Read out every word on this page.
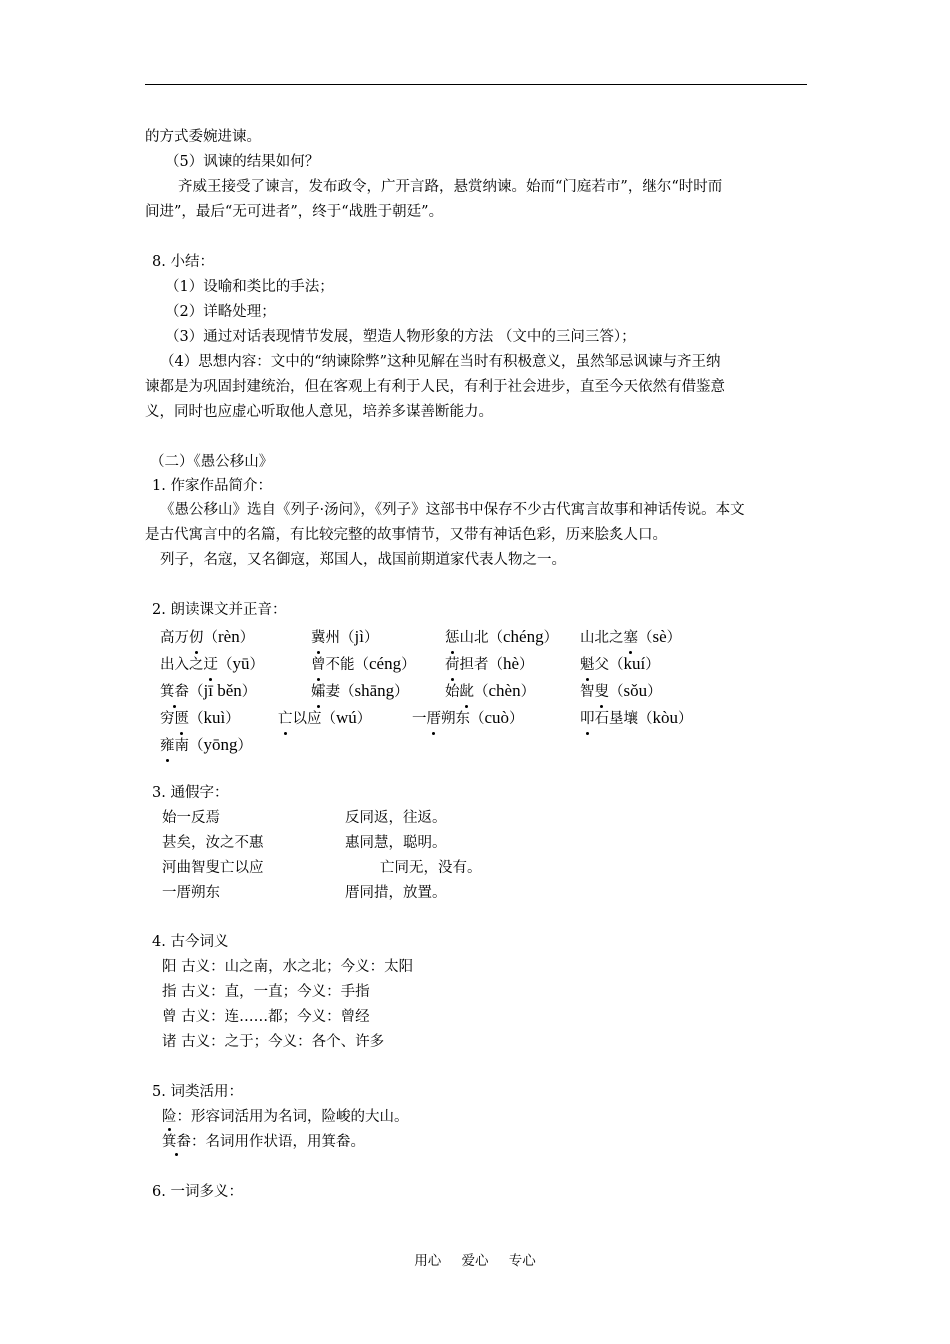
的方式委婉进谏。
（5）讽谏的结果如何？
齐威王接受了谏言，发布政令，广开言路，悬赏纳谏。始而“门庭若市”，继尔“时时而
间进”，最后“无可进者”，终于“战胜于朝廷”。
8. 小结：
（1）设喻和类比的手法；
（2）详略处理；
（3）通过对话表现情节发展，塑造人物形象的方法 （文中的三问三答）；
（4）思想内容：文中的“纳谏除弊”这种见解在当时有积极意义，虽然邹忌讽谏与齐王纳
谏都是为巩固封建统治，但在客观上有利于人民，有利于社会进步，直至今天依然有借鉴意
义，同时也应虚心听取他人意见，培养多谋善断能力。
（二）《愚公移山》
1. 作家作品简介：
《愚公移山》选自《列子·汤问》，《列子》这部书中保存不少古代寓言故事和神话传说。本文
是古代寓言中的名篇，有比较完整的故事情节，又带有神话色彩，历来脍炙人口。
列子，名寇，又名御寇，郑国人，战国前期道家代表人物之一。
2. 朗读课文并正音：
高万仞（rèn）	冀州（jì）	惩山北（chéng） 山北之塞（sè）
出入之迂（yū）	曾不能（céng） 荷担者（hè）	魁父（kuí）
箕畚（jī běn）	孀妻（shāng）	始龀（chèn）	智叟（sǒu）
穷匮（kuì）	亡以应（wú）	一厝朔东（cuò）	叩石垦壤（kòu）
雍南（yōng）
3. 通假字：
始一反焉	反同返，往返。
甚矣，汝之不惠	惠同慧，聪明。
河曲智叟亡以应	亡同无，没有。
一厝朔东	厝同措，放置。
4. 古今词义
阳 古义：山之南，水之北；今义：太阳
指 古义：直，一直；今义：手指
曾 古义：连……都；今义：曾经
诸 古义：之于；今义：各个、许多
5. 词类活用：
险：形容词活用为名词，险峻的大山。
箕畚：名词用作状语，用箕畚。
6. 一词多义：
用心 爱心 专心
